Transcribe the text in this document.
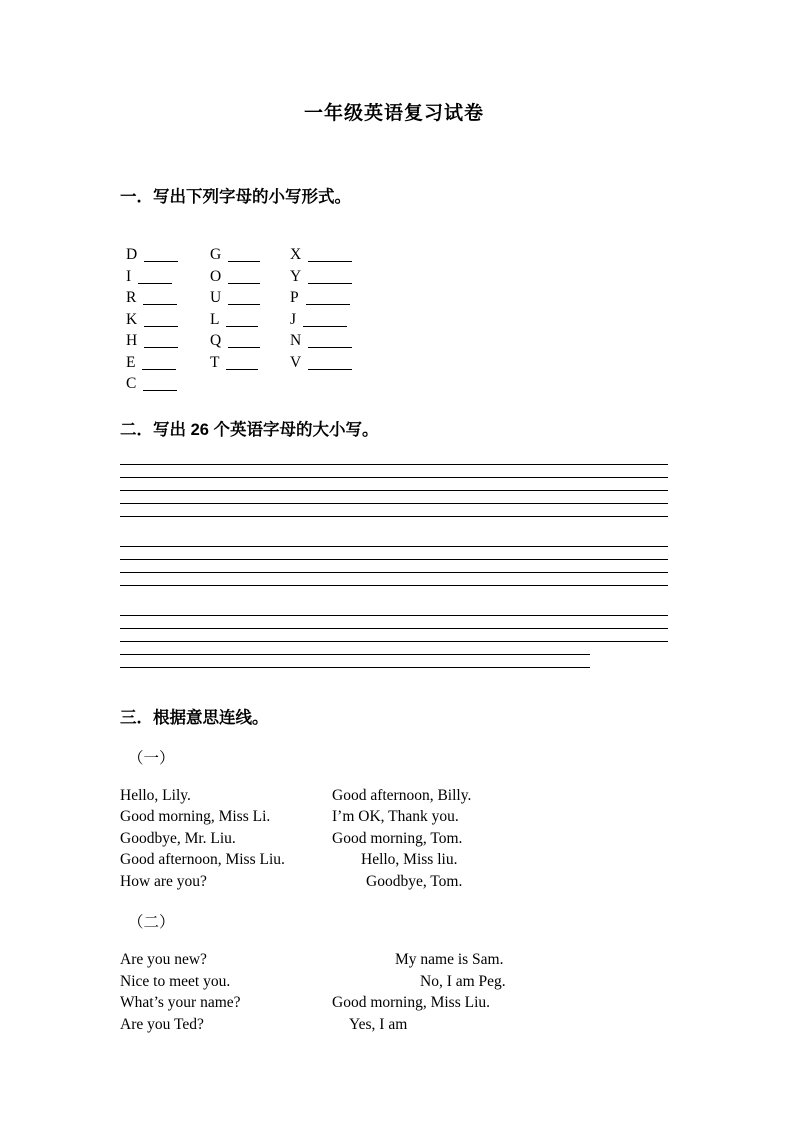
一年级英语复习试卷
一．写出下列字母的小写形式。
D	G	X
I	O	Y
R	U	P
K	L	J
H	Q	N
E	T	V
C
二．写出 26 个英语字母的大小写。
三．根据意思连线。
（一）
Hello, Lily.	Good afternoon, Billy.
Good morning, Miss Li.	I’m OK, Thank you.
Goodbye, Mr. Liu.	Good morning, Tom.
Good afternoon, Miss Liu.	Hello, Miss liu.
How are you?	Goodbye, Tom.
（二）
Are you new?	My name is Sam.
Nice to meet you.	No, I am Peg.
What’s your name?	Good morning, Miss Liu.
Are you Ted?	Yes, I am
